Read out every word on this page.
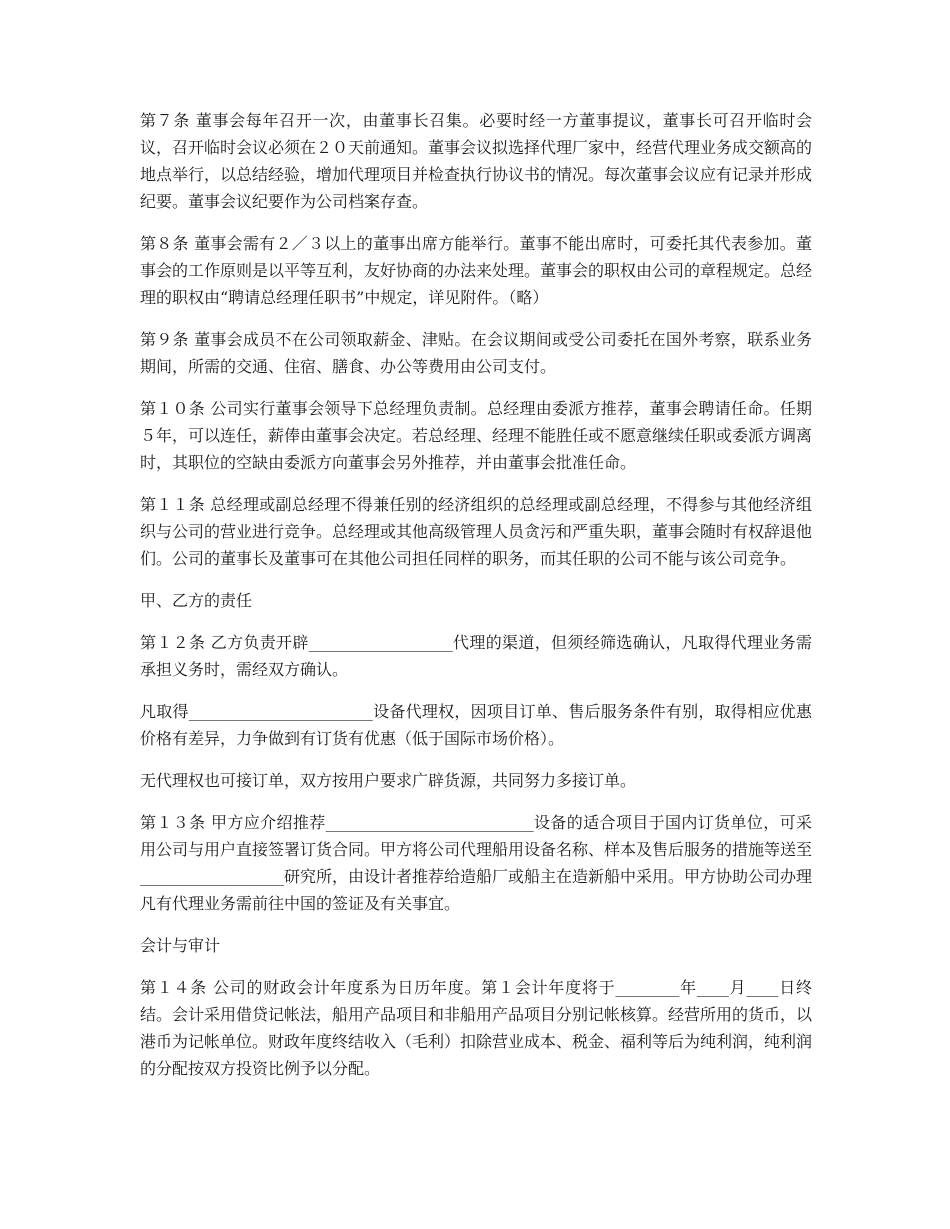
第７条 董事会每年召开一次，由董事长召集。必要时经一方董事提议，董事长可召开临时会议，召开临时会议必须在２０天前通知。董事会议拟选择代理厂家中，经营代理业务成交额高的地点举行，以总结经验，增加代理项目并检查执行协议书的情况。每次董事会议应有记录并形成纪要。董事会议纪要作为公司档案存查。

第８条 董事会需有２／３以上的董事出席方能举行。董事不能出席时，可委托其代表参加。董事会的工作原则是以平等互利，友好协商的办法来处理。董事会的职权由公司的章程规定。总经理的职权由“聘请总经理任职书”中规定，详见附件。（略）

第９条 董事会成员不在公司领取薪金、津贴。在会议期间或受公司委托在国外考察，联系业务期间，所需的交通、住宿、膳食、办公等费用由公司支付。

第１０条 公司实行董事会领导下总经理负责制。总经理由委派方推荐，董事会聘请任命。任期５年，可以连任，薪俸由董事会决定。若总经理、经理不能胜任或不愿意继续任职或委派方调离时，其职位的空缺由委派方向董事会另外推荐，并由董事会批准任命。

第１１条 总经理或副总经理不得兼任别的经济组织的总经理或副总经理，不得参与其他经济组织与公司的营业进行竞争。总经理或其他高级管理人员贪污和严重失职，董事会随时有权辞退他们。公司的董事长及董事可在其他公司担任同样的职务，而其任职的公司不能与该公司竞争。

甲、乙方的责任

第１２条 乙方负责开辟__________________代理的渠道，但须经筛选确认，凡取得代理业务需承担义务时，需经双方确认。

凡取得_______________________设备代理权，因项目订单、售后服务条件有别，取得相应优惠价格有差异，力争做到有订货有优惠（低于国际市场价格）。

无代理权也可接订单，双方按用户要求广辟货源，共同努力多接订单。

第１３条 甲方应介绍推荐__________________________设备的适合项目于国内订货单位，可采用公司与用户直接签署订货合同。甲方将公司代理船用设备名称、样本及售后服务的措施等送至__________________研究所，由设计者推荐给造船厂或船主在造新船中采用。甲方协助公司办理凡有代理业务需前往中国的签证及有关事宜。

会计与审计

第１４条 公司的财政会计年度系为日历年度。第１会计年度将于________年____月____日终结。会计采用借贷记帐法，船用产品项目和非船用产品项目分别记帐核算。经营所用的货币，以港币为记帐单位。财政年度终结收入（毛利）扣除营业成本、税金、福利等后为纯利润，纯利润的分配按双方投资比例予以分配。
